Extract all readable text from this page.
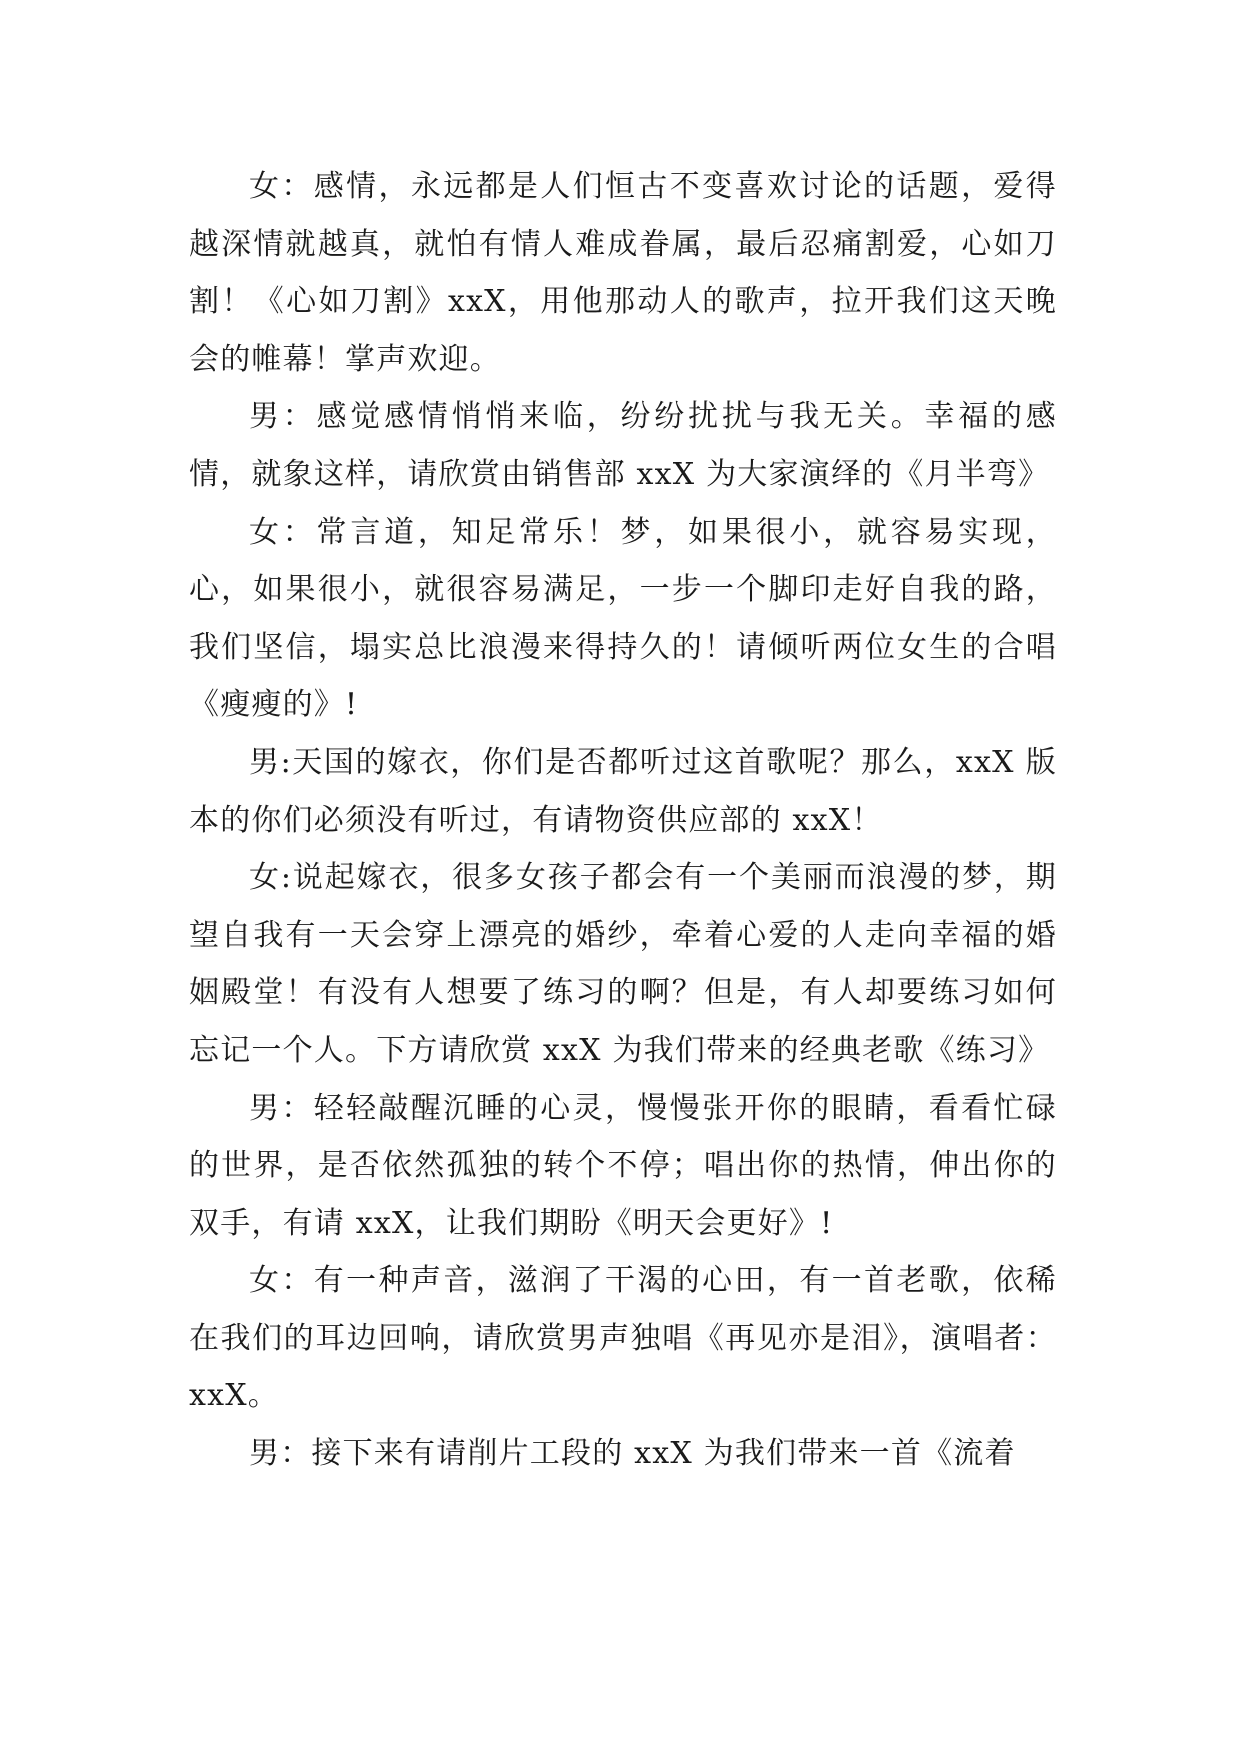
女：感情，永远都是人们恒古不变喜欢讨论的话题，爱得越深情就越真，就怕有情人难成眷属，最后忍痛割爱，心如刀割！《心如刀割》xxX，用他那动人的歌声，拉开我们这天晚会的帷幕！掌声欢迎。

男：感觉感情悄悄来临，纷纷扰扰与我无关。幸福的感情，就象这样，请欣赏由销售部 xxX 为大家演绎的《月半弯》

女：常言道，知足常乐！梦，如果很小，就容易实现，心，如果很小，就很容易满足，一步一个脚印走好自我的路，我们坚信，塌实总比浪漫来得持久的！请倾听两位女生的合唱《瘦瘦的》!

男:天国的嫁衣，你们是否都听过这首歌呢？那么，xxX 版本的你们必须没有听过，有请物资供应部的 xxX！

女:说起嫁衣，很多女孩子都会有一个美丽而浪漫的梦，期望自我有一天会穿上漂亮的婚纱，牵着心爱的人走向幸福的婚姻殿堂！有没有人想要了练习的啊？但是，有人却要练习如何忘记一个人。下方请欣赏 xxX 为我们带来的经典老歌《练习》

男：轻轻敲醒沉睡的心灵，慢慢张开你的眼睛，看看忙碌的世界，是否依然孤独的转个不停；唱出你的热情，伸出你的双手，有请 xxX，让我们期盼《明天会更好》!

女：有一种声音，滋润了干渴的心田，有一首老歌，依稀在我们的耳边回响，请欣赏男声独唱《再见亦是泪》，演唱者：xxX。

男：接下来有请削片工段的 xxX 为我们带来一首《流着
